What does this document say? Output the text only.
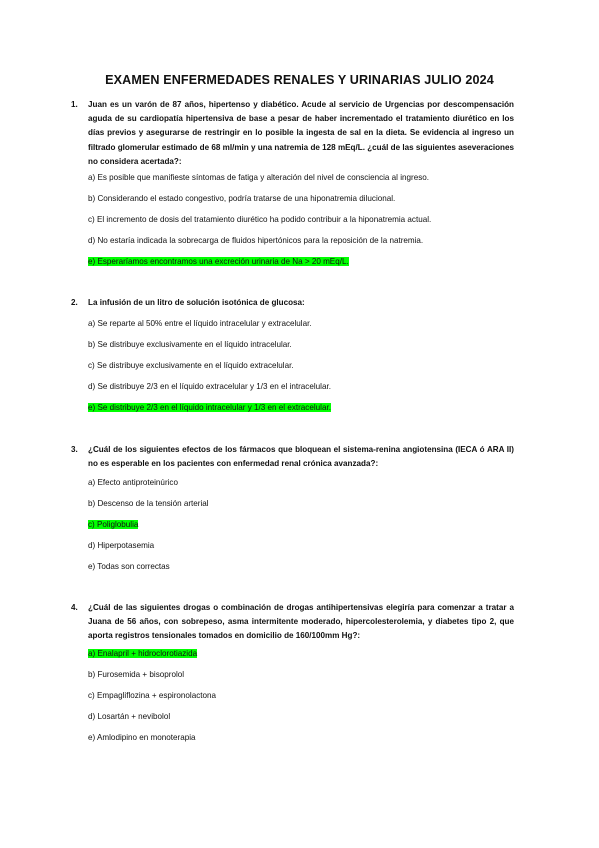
EXAMEN ENFERMEDADES RENALES Y URINARIAS JULIO 2024
1. Juan es un varón de 87 años, hipertenso y diabético. Acude al servicio de Urgencias por descompensación aguda de su cardiopatía hipertensiva de base a pesar de haber incrementado el tratamiento diurético en los días previos y asegurarse de restringir en lo posible la ingesta de sal en la dieta. Se evidencia al ingreso un filtrado glomerular estimado de 68 ml/min y una natremia de 128 mEq/L. ¿cuál de las siguientes aseveraciones no considera acertada?:
a) Es posible que manifieste síntomas de fatiga y alteración del nivel de consciencia al ingreso.
b) Considerando el estado congestivo, podría tratarse de una hiponatremia dilucional.
c) El incremento de dosis del tratamiento diurético ha podido contribuir a la hiponatremia actual.
d) No estaría indicada la sobrecarga de fluidos hipertónicos para la reposición de la natremia.
e) Esperaríamos encontramos una excreción urinaria de Na > 20 mEq/L.
2. La infusión de un litro de solución isotónica de glucosa:
a) Se reparte al 50% entre el líquido intracelular y extracelular.
b) Se distribuye exclusivamente en el líquido intracelular.
c) Se distribuye exclusivamente en el líquido extracelular.
d) Se distribuye 2/3 en el líquido extracelular y 1/3 en el intracelular.
e) Se distribuye 2/3 en el líquido intracelular y 1/3 en el extracelular.
3. ¿Cuál de los siguientes efectos de los fármacos que bloquean el sistema-renina angiotensina (IECA ó ARA II) no es esperable en los pacientes con enfermedad renal crónica avanzada?:
a) Efecto antiproteinúrico
b) Descenso de la tensión arterial
c) Poliglobulia
d) Hiperpotasemia
e) Todas son correctas
4. ¿Cuál de las siguientes drogas o combinación de drogas antihipertensivas elegiría para comenzar a tratar a Juana de 56 años, con sobrepeso, asma intermitente moderado, hipercolesterolemia, y diabetes tipo 2, que aporta registros tensionales tomados en domicilio de 160/100mm Hg?:
a) Enalapril + hidroclorotiazida
b) Furosemida + bisoprolol
c) Empagliflozina + espironolactona
d) Losartán + nevibolol
e) Amlodipino en monoterapia
